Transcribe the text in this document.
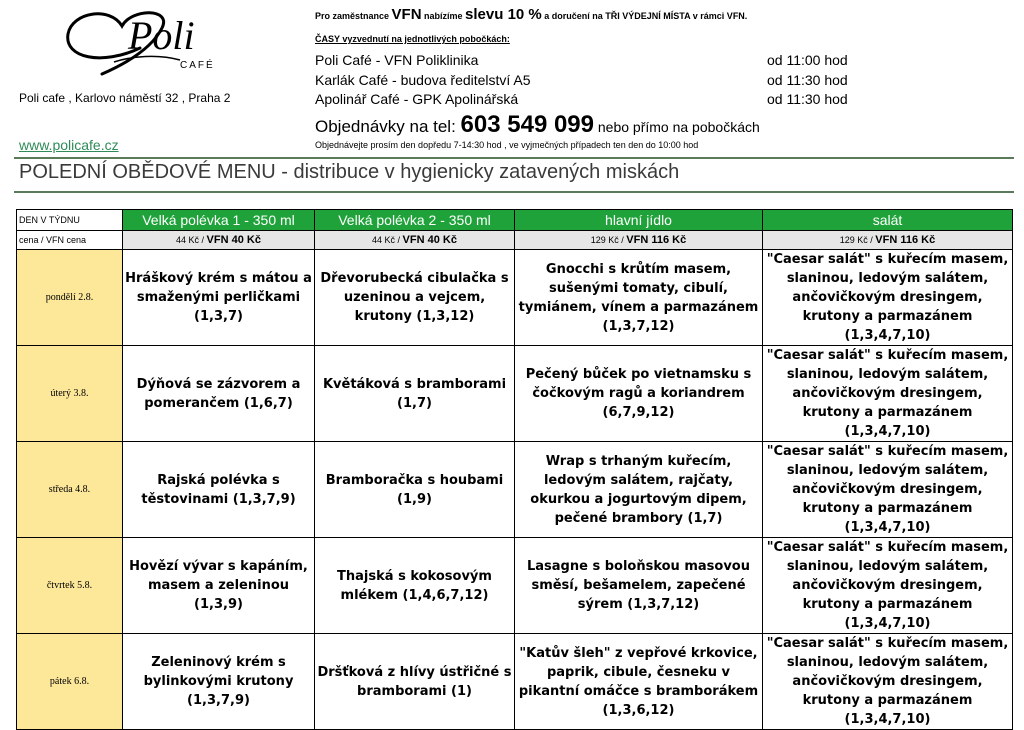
Poli
CAFÉ
Poli cafe , Karlovo náměstí 32 , Praha 2
www.policafe.cz
Pro zaměstnance VFN nabízíme slevu 10 % a doručení na TŘI VÝDEJNÍ MÍSTA v rámci VFN.
ČASY vyzvednutí na jednotlivých pobočkách:
Poli Café - VFN Poliklinika	od 11:00 hod
Karlák Café - budova ředitelství A5	od 11:30 hod
Apolinář Café - GPK Apolinářská	od 11:30 hod
Objednávky na tel: 603 549 099 nebo přímo na pobočkách
Objednávejte prosím den dopředu 7-14:30 hod , ve vyjmečných případech ten den do 10:00 hod
POLEDNÍ OBĚDOVÉ MENU - distribuce v hygienicky zatavených miskách
DEN V TÝDNU	Velká polévka 1 - 350 ml	Velká polévka 2 - 350 ml	hlavní jídlo	salát
cena / VFN cena	44 Kč / VFN 40 Kč	44 Kč / VFN 40 Kč	129 Kč / VFN 116 Kč	129 Kč / VFN 116 Kč
pondělí 2.8.	Hráškový krém s mátou a smaženými perličkami (1,3,7)	Dřevorubecká cibulačka s uzeninou a vejcem, krutony (1,3,12)	Gnocchi s krůtím masem, sušenými tomaty, cibulí, tymiánem, vínem a parmazánem (1,3,7,12)	"Caesar salát" s kuřecím masem, slaninou, ledovým salátem, ančovičkovým dresingem, krutony a parmazánem (1,3,4,7,10)
úterý 3.8.	Dýňová se zázvorem a pomerančem (1,6,7)	Květáková s bramborami (1,7)	Pečený bůček po vietnamsku s čočkovým ragů a koriandrem (6,7,9,12)	"Caesar salát" s kuřecím masem, slaninou, ledovým salátem, ančovičkovým dresingem, krutony a parmazánem (1,3,4,7,10)
středa 4.8.	Rajská polévka s těstovinami (1,3,7,9)	Bramboračka s houbami (1,9)	Wrap s trhaným kuřecím, ledovým salátem, rajčaty, okurkou a jogurtovým dipem, pečené brambory (1,7)	"Caesar salát" s kuřecím masem, slaninou, ledovým salátem, ančovičkovým dresingem, krutony a parmazánem (1,3,4,7,10)
čtvrtek 5.8.	Hovězí vývar s kapáním, masem a zeleninou (1,3,9)	Thajská s kokosovým mlékem (1,4,6,7,12)	Lasagne s boloňskou masovou směsí, bešamelem, zapečené sýrem (1,3,7,12)	"Caesar salát" s kuřecím masem, slaninou, ledovým salátem, ančovičkovým dresingem, krutony a parmazánem (1,3,4,7,10)
pátek 6.8.	Zeleninový krém s bylinkovými krutony (1,3,7,9)	Dršťková z hlívy ústřičné s bramborami (1)	"Katův šleh" z vepřové krkovice, paprik, cibule, česneku v pikantní omáčce s bramborákem (1,3,6,12)	"Caesar salát" s kuřecím masem, slaninou, ledovým salátem, ančovičkovým dresingem, krutony a parmazánem (1,3,4,7,10)
